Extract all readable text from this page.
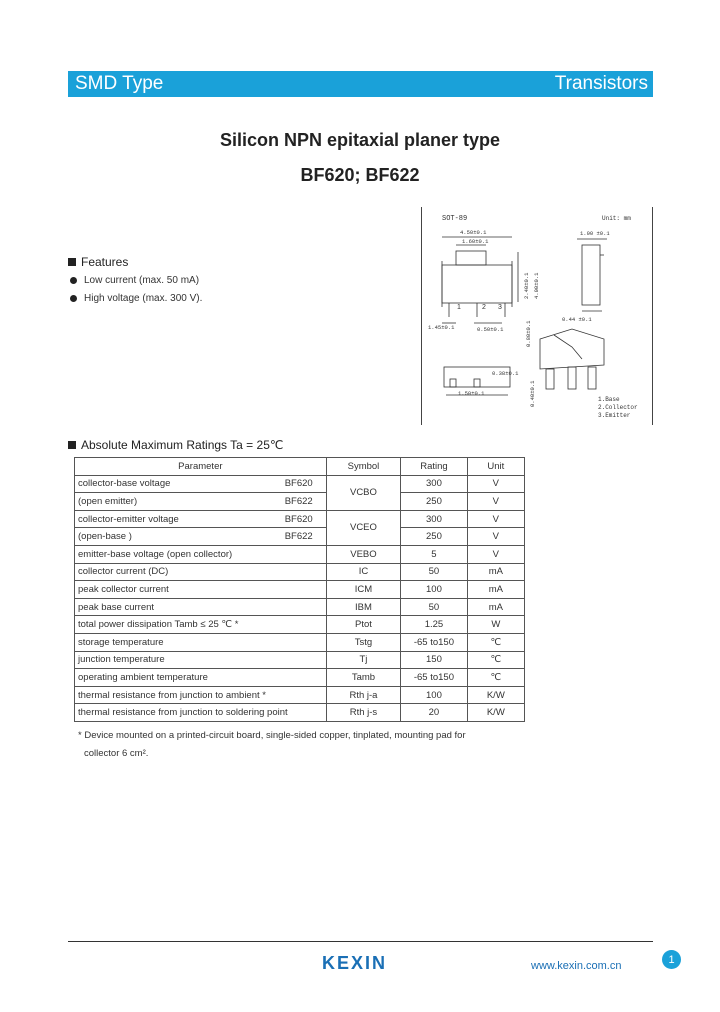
SMD Type	Transistors
Silicon NPN epitaxial planer type
BF620; BF622
SOT-89	Unit: mm
4.50±0.1
1.60±0.1
1.45±0.1	0.50±0.1
1	2 3
2.40±0.1 4.00±0.1
0.80±0.1
1.00 ±0.1
0.44 ±0.1
1.50±0.1	0.40±0.1
0.38±0.1
1.Base
2.Collector
3.Emitter
Features
Low current (max. 50 mA)
High voltage (max. 300 V).
Absolute Maximum Ratings Ta = 25℃
Parameter	Symbol	Rating	Unit

collector-base voltage BF620	VCBO	300	V

(open emitter) BF622		250	V

collector-emitter voltage BF620	VCEO	300	V

(open-base ) BF622		250	V
emitter-base voltage (open collector)	VEBO	5	V
collector current (DC)	IC	50	mA
peak collector current	ICM	100	mA
peak base current	IBM	50	mA
total power dissipation Tamb ≤ 25 ℃ *	Ptot	1.25	W
storage temperature	Tstg	-65 to150	℃
junction temperature	Tj	150	℃
operating ambient temperature	Tamb	-65 to150	℃
thermal resistance from junction to ambient *	Rth j-a	100	K/W
thermal resistance from junction to soldering point	Rth j-s	20	K/W
* Device mounted on a printed-circuit board, single-sided copper, tinplated, mounting pad for
collector 6 cm².
KEXIN	www.kexin.com.cn
1
